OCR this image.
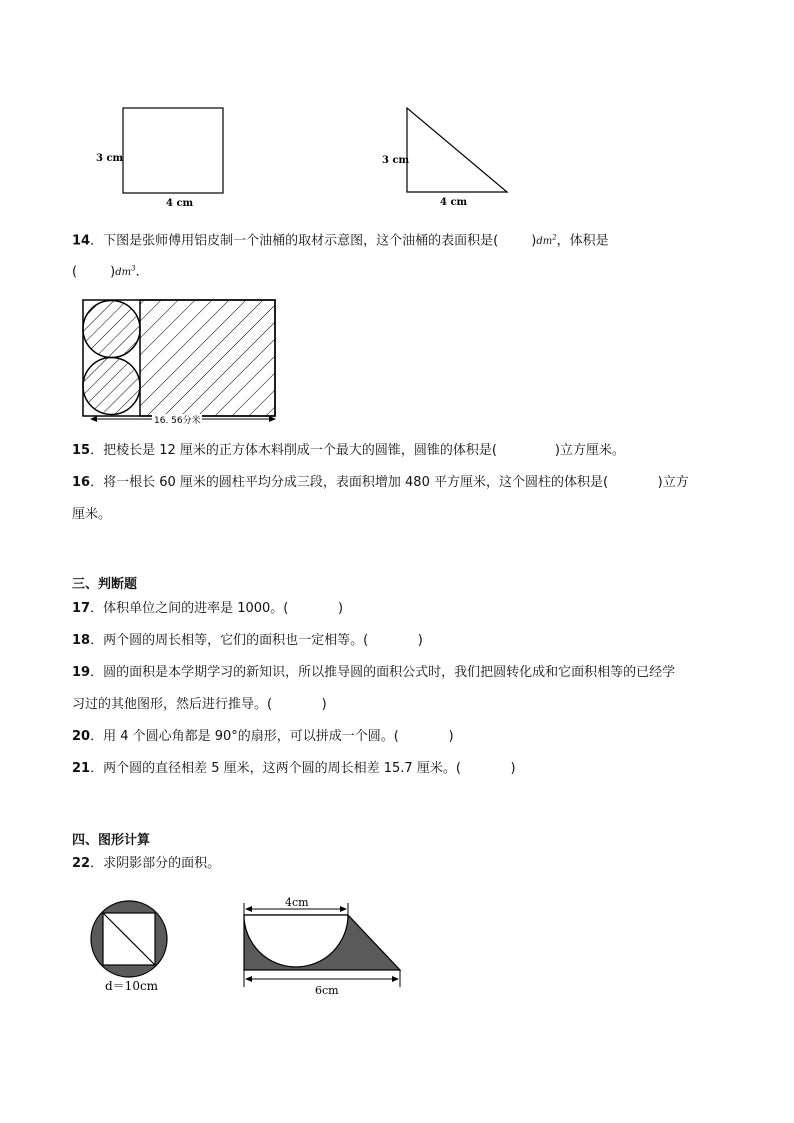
3 cm
4 cm
3 cm
4 cm
14．下图是张师傅用铝皮制一个油桶的取材示意图，这个油桶的表面积是(	)$dm^2$，体积是
(	)$dm^3$．
16. 56分米
15．把棱长是 12 厘米的正方体木料削成一个最大的圆锥，圆锥的体积是(              )立方厘米。
16．将一根长 60 厘米的圆柱平均分成三段，表面积增加 480 平方厘米，这个圆柱的体积是(            )立方
厘米。
三、判断题
17．体积单位之间的进率是 1000。(            )
18．两个圆的周长相等，它们的面积也一定相等。(            )
19．圆的面积是本学期学习的新知识，所以推导圆的面积公式时，我们把圆转化成和它面积相等的已经学
习过的其他图形，然后进行推导。(            )
20．用 4 个圆心角都是 90°的扇形，可以拼成一个圆。(            )
21．两个圆的直径相差 5 厘米，这两个圆的周长相差 15.7 厘米。(            )
四、图形计算
22．求阴影部分的面积。
d＝10cm
4cm
6cm
